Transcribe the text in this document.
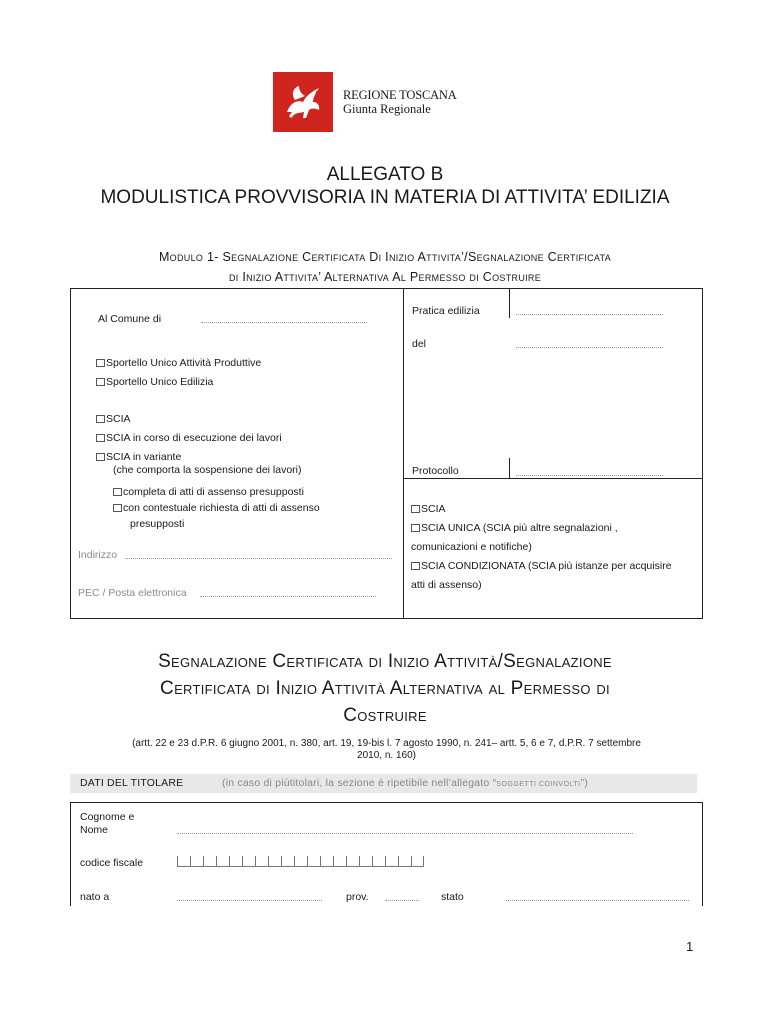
REGIONE TOSCANA
Giunta Regionale
ALLEGATO B
MODULISTICA PROVVISORIA IN MATERIA DI ATTIVITA’ EDILIZIA
Modulo 1- Segnalazione Certificata Di Inizio Attivita’/Segnalazione Certificata
di Inizio Attivita’ Alternativa Al Permesso di Costruire
Al Comune di
Sportello Unico Attività Produttive
Sportello Unico Edilizia
SCIA
SCIA in corso di esecuzione dei lavori
SCIA in variante
(che comporta la sospensione dei lavori)
completa di atti di assenso presupposti
con contestuale richiesta di atti di assenso
presupposti
Indirizzo
PEC / Posta elettronica
Pratica edilizia
del
Protocollo
SCIA
SCIA UNICA (SCIA più altre segnalazioni ,
comunicazioni e notifiche)
SCIA CONDIZIONATA (SCIA più istanze per acquisire
atti di assenso)
Segnalazione Certificata di Inizio Attività/Segnalazione
Certificata di Inizio Attività Alternativa al Permesso di
Costruire
(artt. 22 e 23 d.P.R. 6 giugno 2001, n. 380, art. 19, 19-bis l. 7 agosto 1990, n. 241– artt. 5, 6 e 7, d.P.R. 7 settembre
2010, n. 160)
DATI DEL TITOLARE	(in caso di piùtitolari, la sezione è ripetibile nell’allegato “SOGGETTI COINVOLTI”)
Cognome e
Nome
codice fiscale
nato a	prov.	stato
1
